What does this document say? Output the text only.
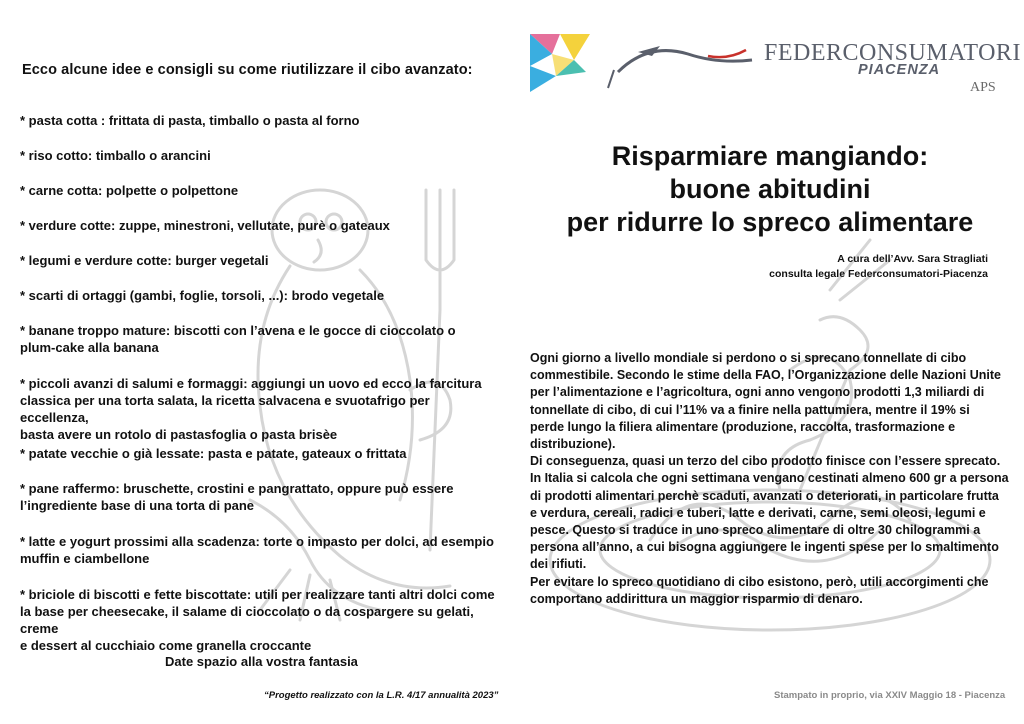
Ecco alcune idee e consigli su come riutilizzare il cibo avanzato:
* pasta cotta : frittata di pasta, timballo o pasta al forno
* riso cotto: timballo o arancini
* carne cotta: polpette o polpettone
* verdure cotte: zuppe, minestroni, vellutate, purè o gateaux
* legumi e verdure cotte: burger vegetali
* scarti di ortaggi (gambi, foglie, torsoli, ...): brodo vegetale
* banane troppo mature: biscotti con l’avena e le gocce di cioccolato o
plum-cake alla banana
* piccoli avanzi di salumi e formaggi: aggiungi un uovo ed ecco la farcitura
classica per una torta salata, la ricetta salvacena e svuotafrigo per eccellenza,
basta avere un rotolo di pastasfoglia o pasta brisèe
* patate vecchie o già lessate: pasta e patate, gateaux o frittata
* pane raffermo: bruschette, crostini e pangrattato, oppure può essere
l’ingrediente base di una torta di pane
* latte e yogurt prossimi alla scadenza: torte o impasto per dolci, ad esempio
muffin e ciambellone
* briciole di biscotti e fette biscottate: utili per realizzare tanti altri dolci come
la base per cheesecake, il salame di cioccolato o da cospargere su gelati, creme
e dessert al cucchiaio come granella croccante
Date spazio alla vostra fantasia
“Progetto realizzato con la L.R. 4/17 annualità 2023”
FEDERCONSUMATORI
PIACENZA
APS
Risparmiare mangiando:
buone abitudini
per ridurre lo spreco alimentare
A cura dell’Avv. Sara Stragliati
consulta legale Federconsumatori-Piacenza

Ogni giorno a livello mondiale si perdono o si sprecano tonnellate di cibo
commestibile. Secondo le stime della FAO, l’Organizzazione delle Nazioni Unite
per l’alimentazione e l’agricoltura, ogni anno vengono prodotti 1,3 miliardi di
tonnellate di cibo, di cui l’11% va a finire nella pattumiera, mentre il 19% si
perde lungo la filiera alimentare (produzione, raccolta, trasformazione e
distribuzione).

Di conseguenza, quasi un terzo del cibo prodotto finisce con l’essere sprecato.

In Italia si calcola che ogni settimana vengano cestinati almeno 600 gr a persona
di prodotti alimentari perchè scaduti, avanzati o deteriorati, in particolare frutta
e verdura, cereali, radici e tuberi, latte e derivati, carne, semi oleosi, legumi e
pesce. Questo si traduce in uno spreco alimentare di oltre 30 chilogrammi a
persona all’anno, a cui bisogna aggiungere le ingenti spese per lo smaltimento
dei rifiuti.

Per evitare lo spreco quotidiano di cibo esistono, però, utili accorgimenti che
comportano addirittura un maggior risparmio di denaro.

Stampato in proprio, via XXIV Maggio 18 - Piacenza
